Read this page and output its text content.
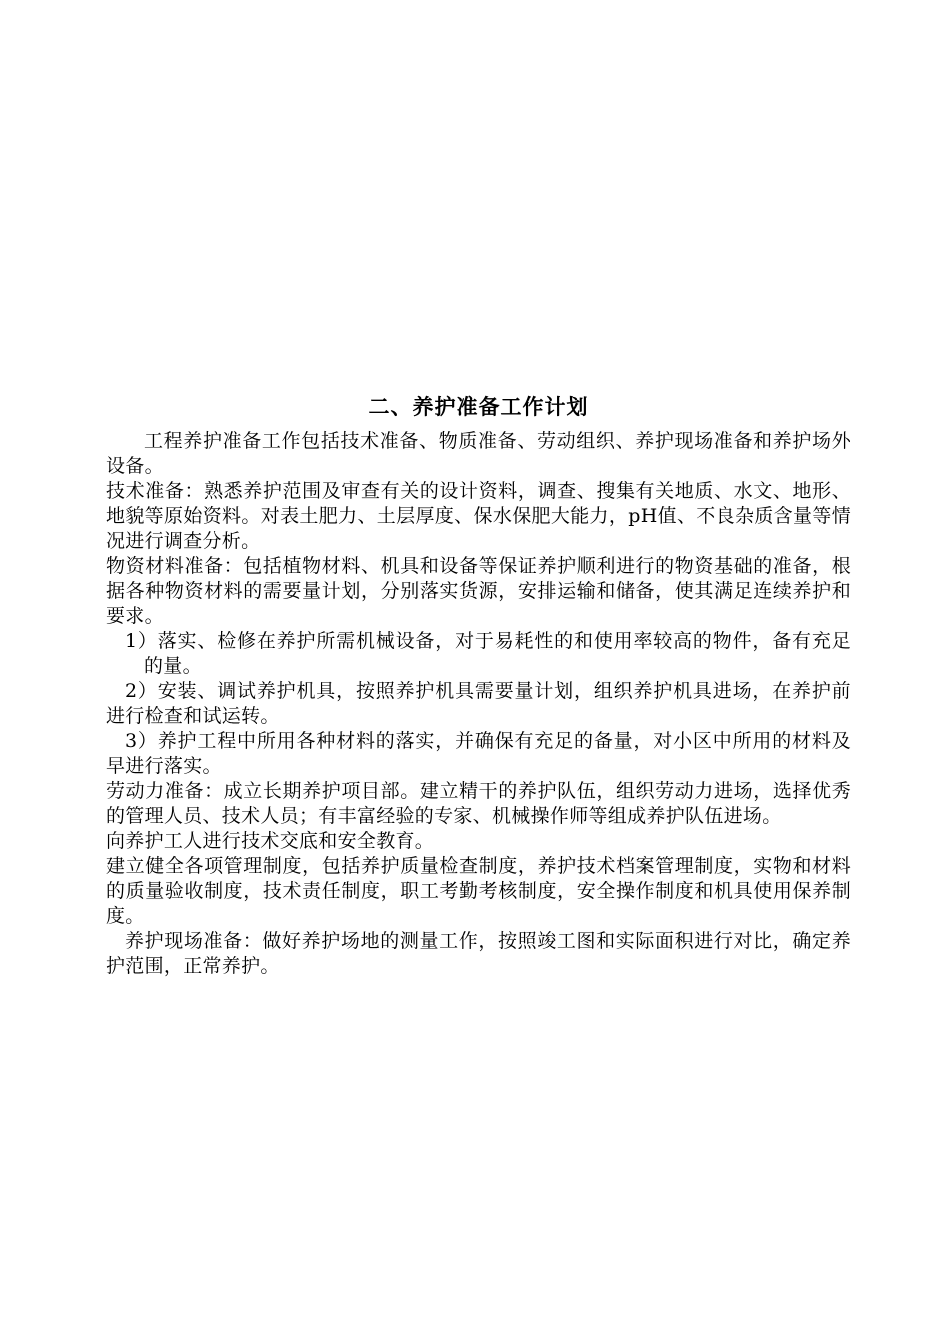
二、养护准备工作计划

工程养护准备工作包括技术准备、物质准备、劳动组织、养护现场准备和养护场外设备。

技术准备：熟悉养护范围及审查有关的设计资料，调查、搜集有关地质、水文、地形、地貌等原始资料。对表土肥力、土层厚度、保水保肥大能力，pH值、不良杂质含量等情况进行调查分析。

物资材料准备：包括植物材料、机具和设备等保证养护顺利进行的物资基础的准备，根据各种物资材料的需要量计划，分别落实货源，安排运输和储备，使其满足连续养护和要求。

1）落实、检修在养护所需机械设备，对于易耗性的和使用率较高的物件，备有充足的量。

2）安装、调试养护机具，按照养护机具需要量计划，组织养护机具进场，在养护前进行检查和试运转。

3）养护工程中所用各种材料的落实，并确保有充足的备量，对小区中所用的材料及早进行落实。

劳动力准备：成立长期养护项目部。建立精干的养护队伍，组织劳动力进场，选择优秀的管理人员、技术人员；有丰富经验的专家、机械操作师等组成养护队伍进场。

向养护工人进行技术交底和安全教育。

建立健全各项管理制度，包括养护质量检查制度，养护技术档案管理制度，实物和材料的质量验收制度，技术责任制度，职工考勤考核制度，安全操作制度和机具使用保养制度。

养护现场准备：做好养护场地的测量工作，按照竣工图和实际面积进行对比，确定养护范围，正常养护。
